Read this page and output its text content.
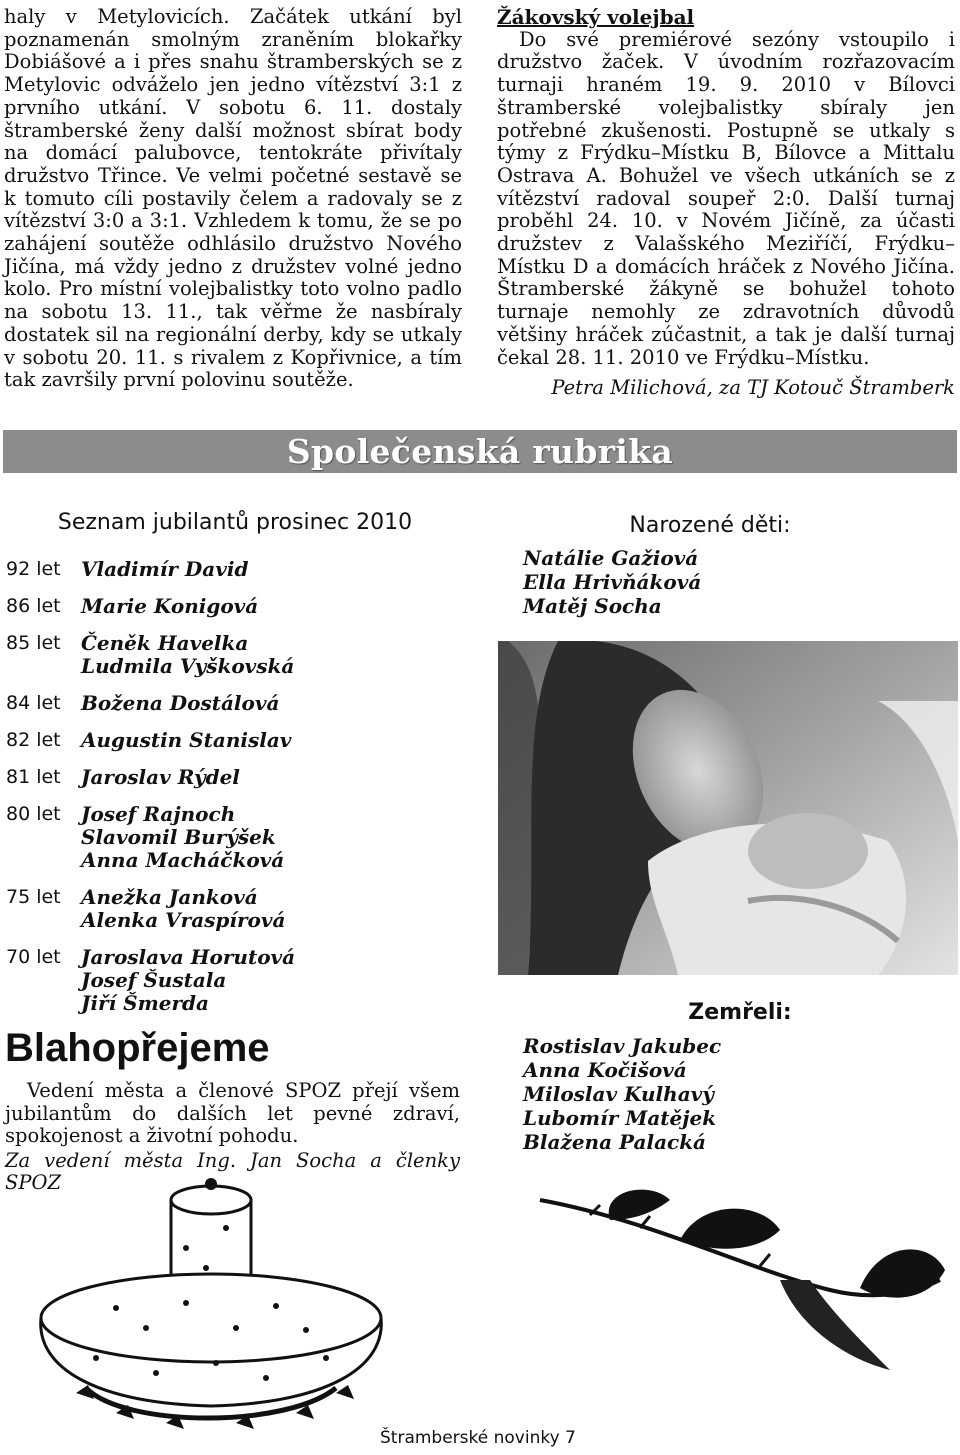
haly v Metylovicích. Začátek utkání byl poznamenán smolným zraněním blokařky Dobiášové a i přes snahu štramberských se z Metylovic odváželo jen jedno vítězství 3:1 z prvního utkání. V sobotu 6. 11. dostaly štramberské ženy další možnost sbírat body na domácí palubovce, tentokráte přivítaly družstvo Třince. Ve velmi početné sestavě se k tomuto cíli postavily čelem a radovaly se z vítězství 3:0 a 3:1. Vzhledem k tomu, že se po zahájení soutěže odhlásilo družstvo Nového Jičína, má vždy jedno z družstev volné jedno kolo. Pro místní volejbalistky toto volno padlo na sobotu 13. 11., tak věřme že nasbíraly dostatek sil na regionální derby, kdy se utkaly v sobotu 20. 11. s rivalem z Kopřivnice, a tím tak završily první polovinu soutěže.

Žákovský volejbal

Do své premiérové sezóny vstoupilo i družstvo žaček. V úvodním rozřazovacím turnaji hraném 19. 9. 2010 v Bílovci štramberské volejbalistky sbíraly jen potřebné zkušenosti. Postupně se utkaly s týmy z Frýdku–Místku B, Bílovce a Mittalu Ostrava A. Bohužel ve všech utkáních se z vítězství radoval soupeř 2:0. Další turnaj proběhl 24. 10. v Novém Jičíně, za účasti družstev z Valašského Meziříčí, Frýdku–Místku D a domácích hráček z Nového Jičína. Štramberské žákyně se bohužel tohoto turnaje nemohly ze zdravotních důvodů většiny hráček zúčastnit, a tak je další turnaj čekal 28. 11. 2010 ve Frýdku–Místku.

Petra Milichová, za TJ Kotouč Štramberk
Společenská rubrika
Seznam jubilantů prosinec 2010
92 let	Vladimír David
86 let	Marie Konigová
85 let	Čeněk Havelka
Ludmila Vyškovská
84 let	Božena Dostálová
82 let	Augustin Stanislav
81 let	Jaroslav Rýdel
80 let	Josef Rajnoch
Slavomil Burýšek
Anna Macháčková
75 let	Anežka Janková
Alenka Vraspírová
70 let	Jaroslava Horutová
Josef Šustala
Jiří Šmerda
Blahopřejeme
Vedení města a členové SPOZ přejí všem jubilantům do dalších let pevné zdraví, spokojenost a životní pohodu.
Za vedení města Ing. Jan Socha a členky SPOZ
Narozené děti:
Natálie Gažiová
Ella Hrivňáková
Matěj Socha
Zemřeli:
Rostislav Jakubec
Anna Kočišová
Miloslav Kulhavý
Lubomír Matějek
Blažena Palacká
Štramberské novinky 7
